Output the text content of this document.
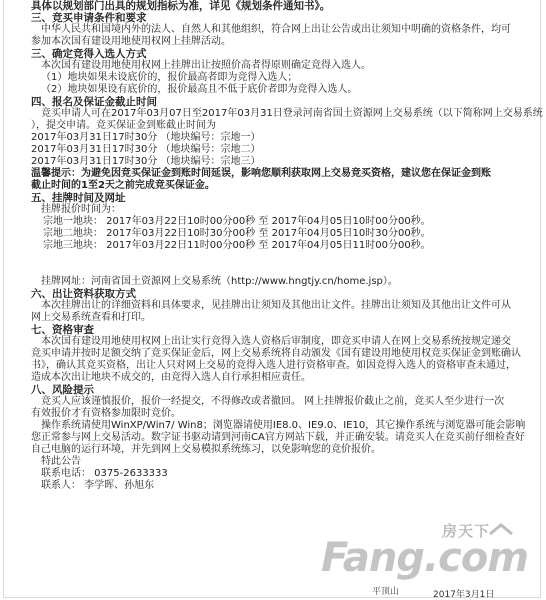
具体以规划部门出具的规划指标为准，详见《规划条件通知书》。
三、竞买申请条件和要求
中华人民共和国境内外的法人、自然人和其他组织，符合网上出让公告或出让须知中明确的资格条件，均可
参加本次国有建设用地使用权网上挂牌活动。
三、确定竞得入选人方式
本次国有建设用地使用权网上挂牌出让按照价高者得原则确定竞得入选人。
（1）地块如果未设底价的，报价最高者即为竞得入选人；
（2）地块如果设有底价的，报价最高且不低于底价者即为竞得入选人。
四、报名及保证金截止时间
竞买申请人可在2017年03月07日至2017年03月31日登录河南省国土资源网上交易系统（以下简称网上交易系统
），提交申请。竞买保证金到账截止时间为
2017年03月31日17时30分 （地块编号：宗地一）
2017年03月31日17时30分 （地块编号：宗地二）
2017年03月31日17时30分 （地块编号：宗地三）
温馨提示：为避免因竞买保证金到账时间延误，影响您顺利获取网上交易竞买资格，建议您在保证金到账
截止时间的1至2天之前完成竞买保证金。
五、挂牌时间及网址
挂牌报价时间为：
宗地一地块： 2017年03月22日10时00分00秒 至 2017年04月05日10时00分00秒。
宗地二地块： 2017年03月22日10时30分00秒 至 2017年04月05日10时30分00秒。
宗地三地块： 2017年03月22日11时00分00秒 至 2017年04月05日11时00分00秒。
挂牌网址：河南省国土资源网上交易系统（http://www.hngtjy.cn/home.jsp）。
六、出让资料获取方式
本次挂牌出让的详细资料和具体要求，见挂牌出让须知及其他出让文件。挂牌出让须知及其他出让文件可从
网上交易系统查看和打印。
七、资格审查
本次国有建设用地使用权网上出让实行竞得入选人资格后审制度，即竞买申请人在网上交易系统按规定递交
竞买申请并按时足额交纳了竞买保证金后，网上交易系统将自动颁发《国有建设用地使用权竞买保证金到账确认
书》，确认其竞买资格，出让人只对网上交易的竞得入选人进行资格审查。如因竞得入选人的资格审查未通过，
造成本次出让地块不成交的，由竞得入选人自行承担相应责任。
八、风险提示
竞买人应该谨慎报价，报价一经提交，不得修改或者撤回。 网上挂牌报价截止之前，竞买人至少进行一次
有效报价才有资格参加限时竞价。
操作系统请使用WinXP/Win7/ Win8；浏览器请使用IE8.0、IE9.0、IE10，其它操作系统与浏览器可能会影响
您正常参与网上交易活动。数字证书驱动请到河南CA官方网站下载，并正确安装。请竞买人在竞买前仔细检查好
自己电脑的运行环境，并先到网上交易模拟系统练习，以免影响您的竞价报价。
特此公告
联系电话： 0375-2633333
联系人： 李学晖、孙旭东
平顶山	2017年3月1日
房天下
Fang.com
